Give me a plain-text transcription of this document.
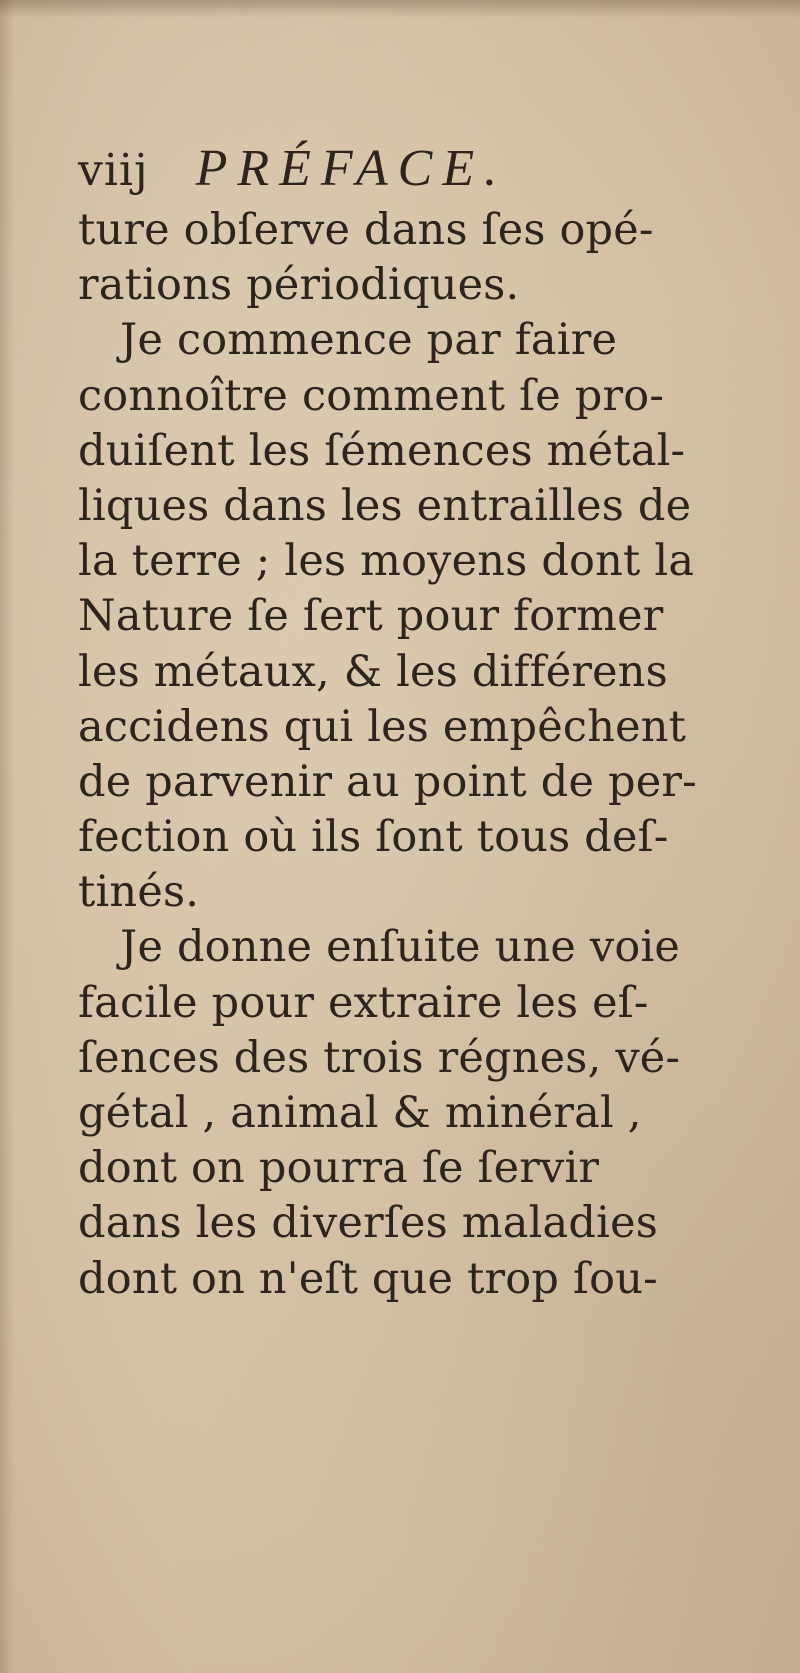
viij PRÉFACE.
ture obſerve dans ſes opé-
rations périodiques.
Je commence par faire
connoître comment ſe pro-
duiſent les ſémences métal-
liques dans les entrailles de
la terre ; les moyens dont la
Nature ſe ſert pour former
les métaux, & les différens
accidens qui les empêchent
de parvenir au point de per-
fection où ils ſont tous deſ-
tinés.
Je donne enſuite une voie
facile pour extraire les eſ-
ſences des trois régnes, vé-
gétal , animal & minéral ,
dont on pourra ſe ſervir
dans les diverſes maladies
dont on n'eſt que trop ſou-
